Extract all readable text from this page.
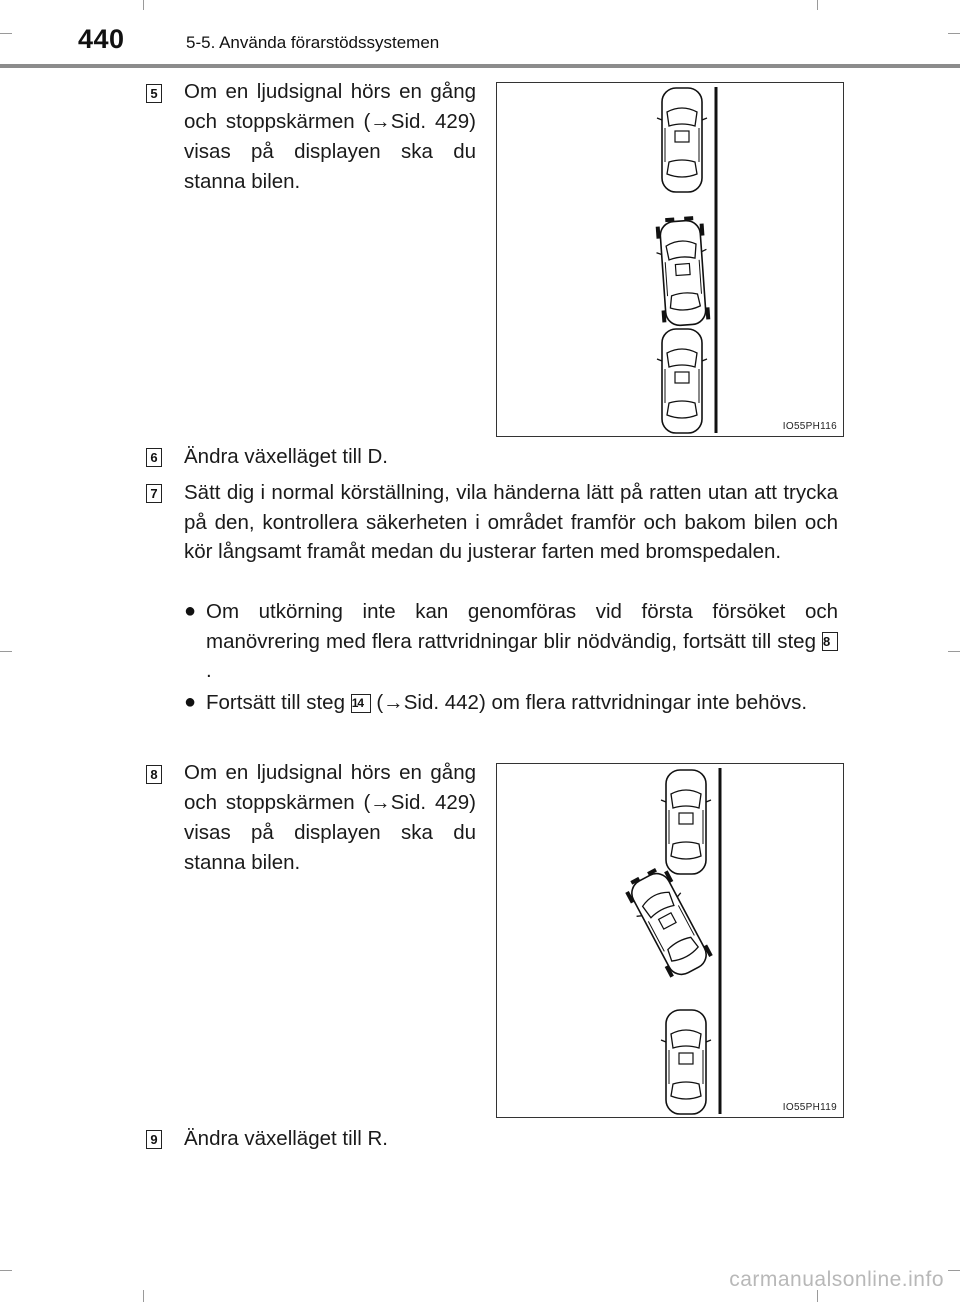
440	5-5. Använda förarstödssystemen
5 Om en ljudsignal hörs en gång
och stoppskärmen (→Sid. 429)
visas på displayen ska du
stanna bilen.
IO55PH116
6 Ändra växelläget till D.
7 Sätt dig i normal körställning, vila händerna lätt på ratten utan att trycka på den, kontrollera säkerheten i området framför och bakom bilen och kör långsamt framåt medan du justerar farten med bromspedalen.
● Om utkörning inte kan genomföras vid första försöket och manövrering med flera rattvridningar blir nödvändig, fortsätt till steg 8.
● Fortsätt till steg 14 (→Sid. 442) om flera rattvridningar inte behövs.
8 Om en ljudsignal hörs en gång
och stoppskärmen (→Sid. 429)
visas på displayen ska du
stanna bilen.
IO55PH119
9 Ändra växelläget till R.
carmanualsonline.info
